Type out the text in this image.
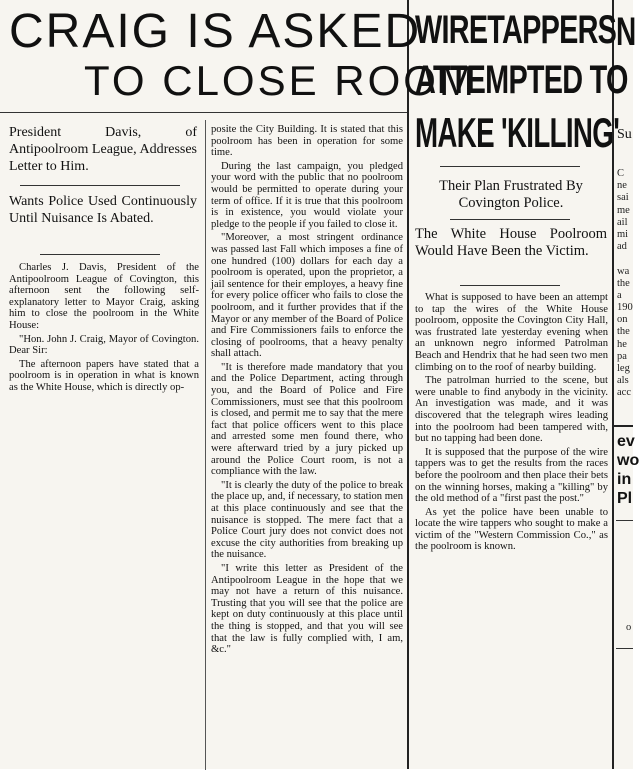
CRAIG IS ASKED
TO CLOSE ROOM
President Davis, of Antipoolroom League, Addresses Letter to Him.
Wants Police Used Continuously Until Nuisance Is Abated.

Charles J. Davis, President of the Antipoolroom League of Covington, this afternoon sent the following self-explanatory letter to Mayor Craig, asking him to close the poolroom in the White House:

"Hon. John J. Craig, Mayor of Covington. Dear Sir:

The afternoon papers have stated that a poolroom is in operation in what is known as the White House, which is directly op-

posite the City Building. It is stated that this poolroom has been in operation for some time.

During the last campaign, you pledged your word with the public that no poolroom would be permitted to operate during your term of office. If it is true that this poolroom is in existence, you would violate your pledge to the people if you failed to close it.

"Moreover, a most stringent ordinance was passed last Fall which imposes a fine of one hundred (100) dollars for each day a poolroom is operated, upon the proprietor, a jail sentence for their employes, a heavy fine for every police officer who fails to close the poolroom, and it further provides that if the Mayor or any member of the Board of Police and Fire Commissioners fails to enforce the closing of poolrooms, that a heavy penalty shall attach.

"It is therefore made mandatory that you and the Police Department, acting through you, and the Board of Police and Fire Commissioners, must see that this poolroom is closed, and permit me to say that the mere fact that police officers went to this place and arrested some men found there, who were afterward tried by a jury picked up around the Police Court room, is not a compliance with the law.

"It is clearly the duty of the police to break the place up, and, if necessary, to station men at this place continuously and see that the nuisance is stopped. The mere fact that a Police Court jury does not convict does not excuse the city authorities from breaking up the nuisance.

"I write this letter as President of the Antipoolroom League in the hope that we may not have a return of this nuisance. Trusting that you will see that the police are kept on duty continuously at this place until the thing is stopped, and that you will see that the law is fully complied with, I am, &c."

WIRETAPPERS
ATTEMPTED TO
MAKE 'KILLING'
Their Plan Frustrated By Covington Police.
The White House Poolroom Would Have Been the Victim.

What is supposed to have been an attempt to tap the wires of the White House poolroom, opposite the Covington City Hall, was frustrated late yesterday evening when an unknown negro informed Patrolman Beach and Hendrix that he had seen two men climbing on to the roof of nearby building.

The patrolman hurried to the scene, but were unable to find anybody in the vicinity. An investigation was made, and it was discovered that the telegraph wires leading into the poolroom had been tampered with, but no tapping had been done.

It is supposed that the purpose of the wire tappers was to get the results from the races before the poolroom and then place their bets on the winning horses, making a "killing" by the old method of a "first past the post."

As yet the police have been unable to locate the wire tappers who sought to make a victim of the "Western Commission Co.," as the poolroom is known.

N
Su
C
ne
sai
me
ail
mi
ad
wa
the
a
190
on
the
he
pa
leg
als
acc
ev
wo
in
Pl
o
